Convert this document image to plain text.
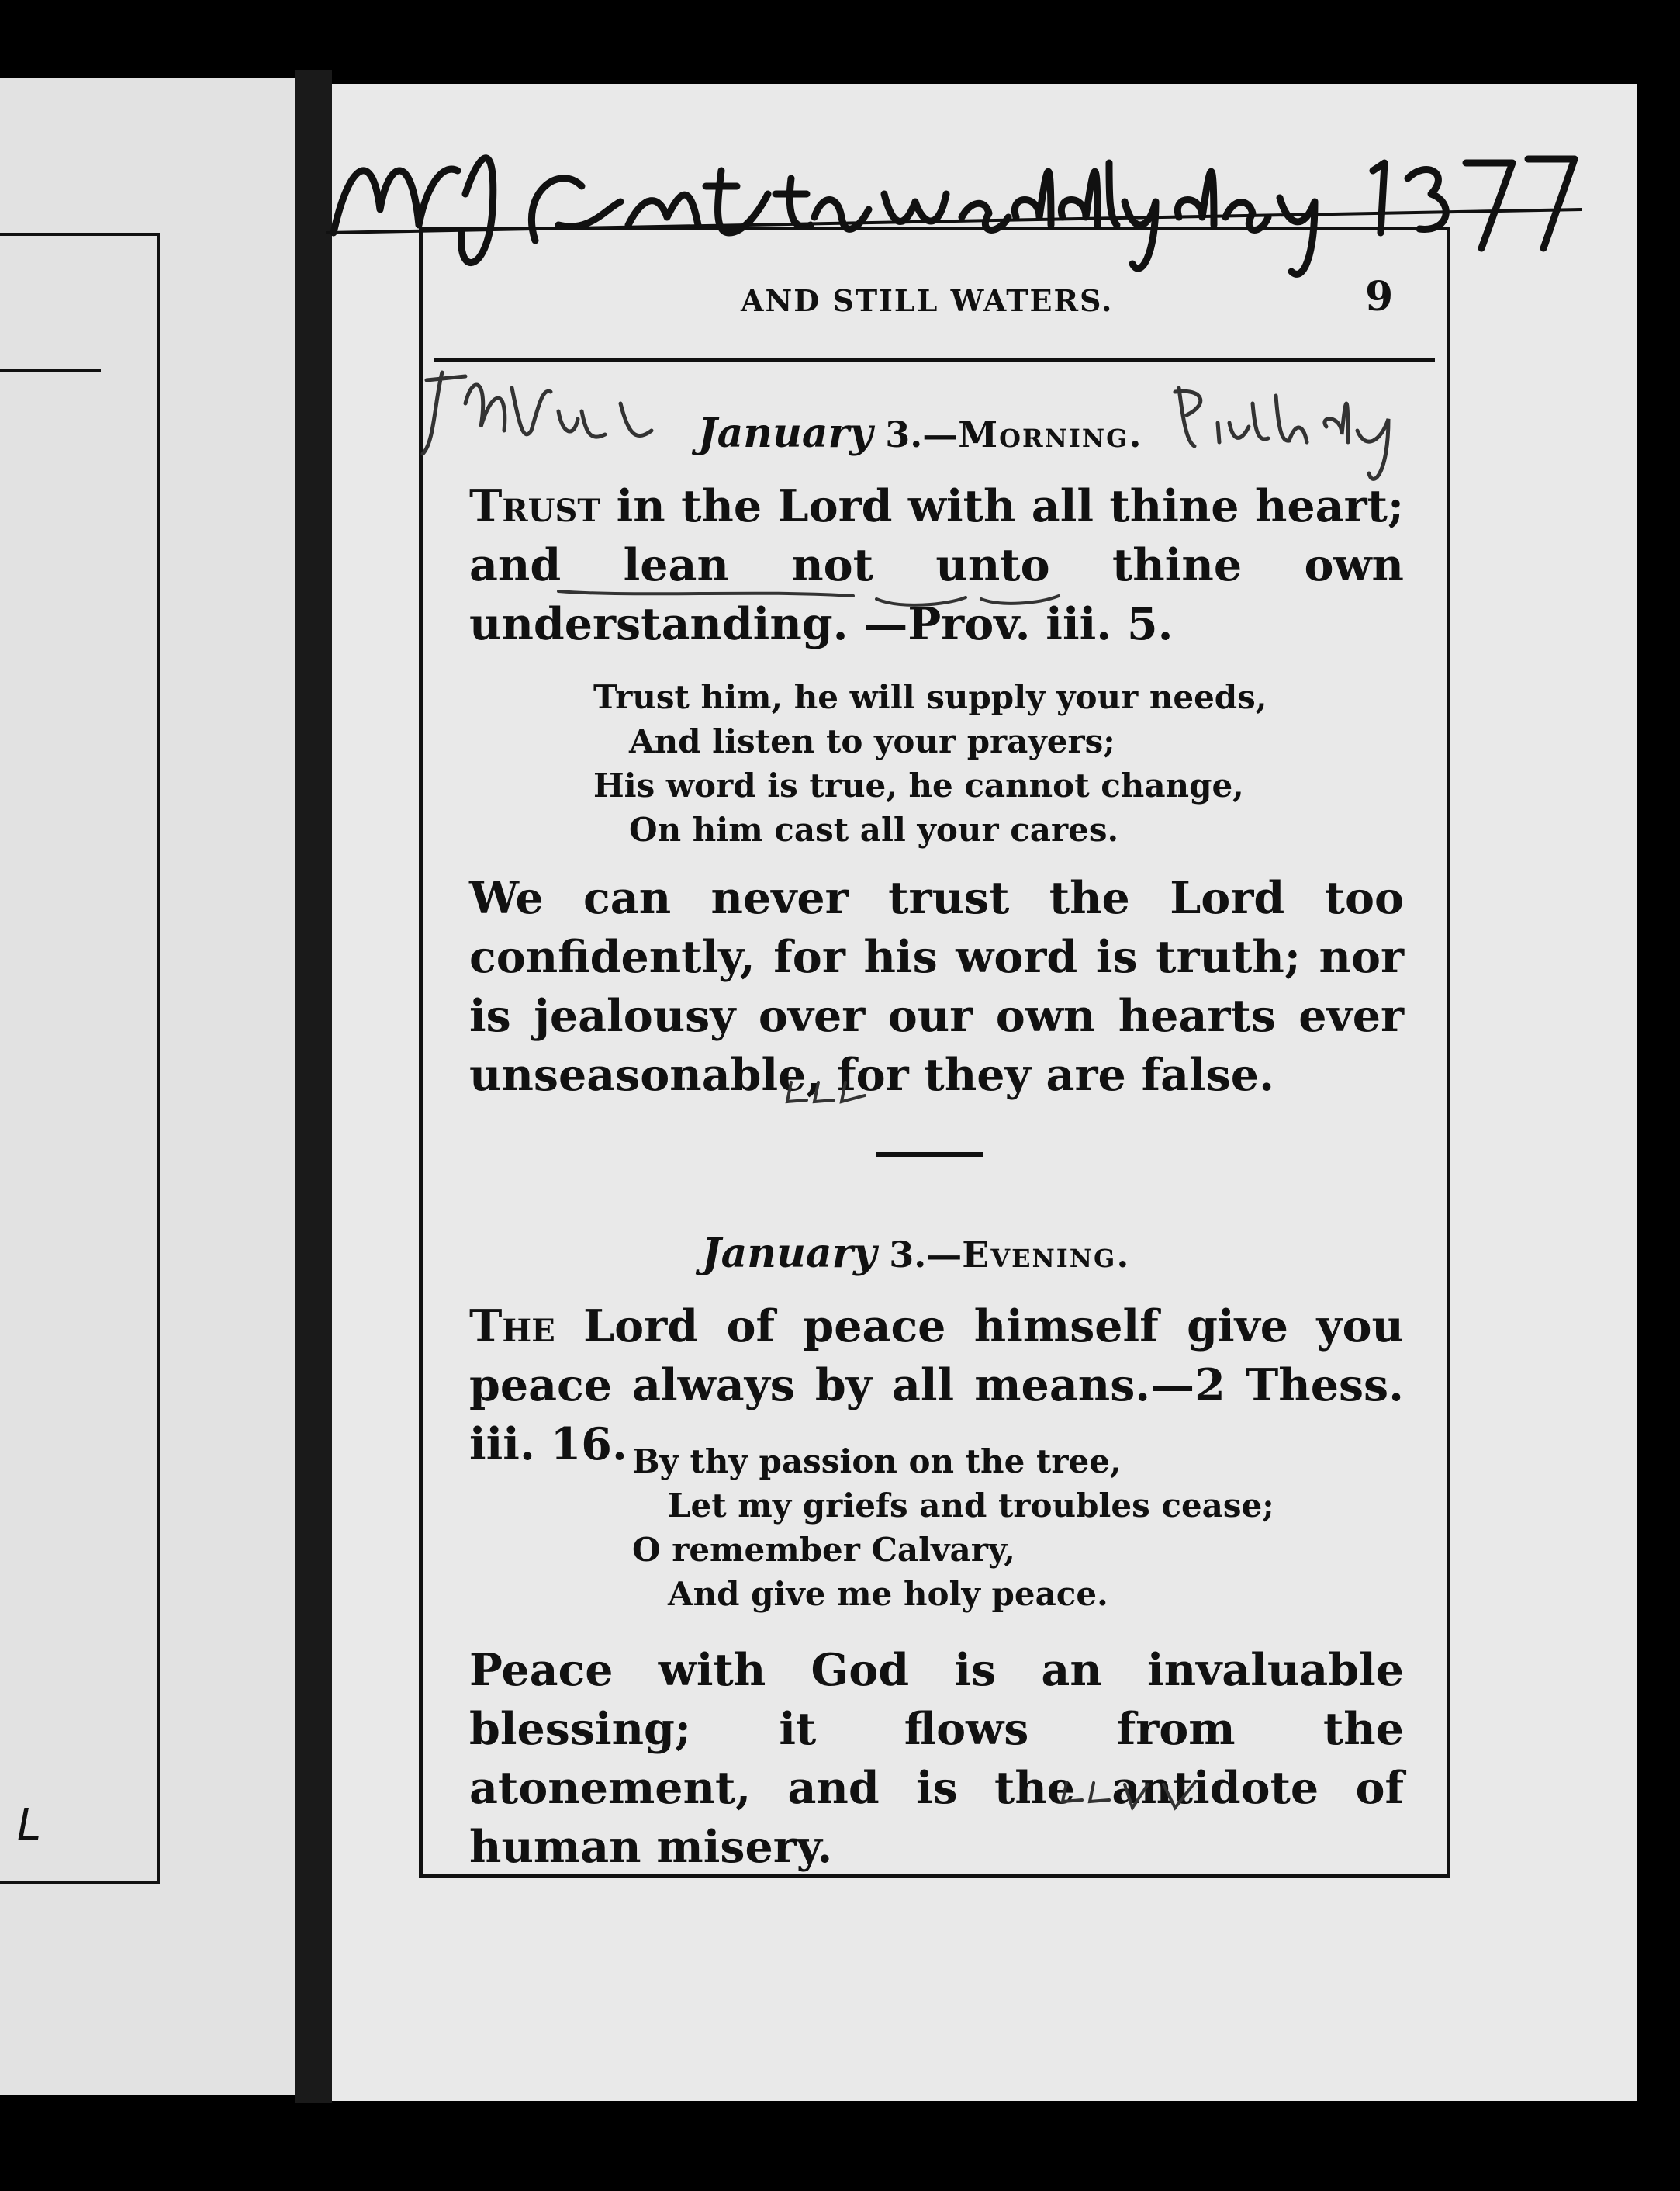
L
AND STILL WATERS.	9
J M Web
January 3.—Morning.
Trust in the Lord with all thine heart; and lean not unto thine own understanding. —Prov. iii. 5.
Trust him, he will supply your needs,
And listen to your prayers;
His word is true, he cannot change,
On him cast all your cares.
We can never trust the Lord too confidently, for his word is truth; nor is jealousy over our own hearts ever unseasonable, for they are false.
January 3.—Evening.
The Lord of peace himself give you peace always by all means.—2 Thess. iii. 16. By thy passion on the tree,
Let my griefs and troubles cease;
O remember Calvary,
And give me holy peace.
Peace with God is an invaluable blessing; it flows from the atonement, and is the antidote of human misery.
